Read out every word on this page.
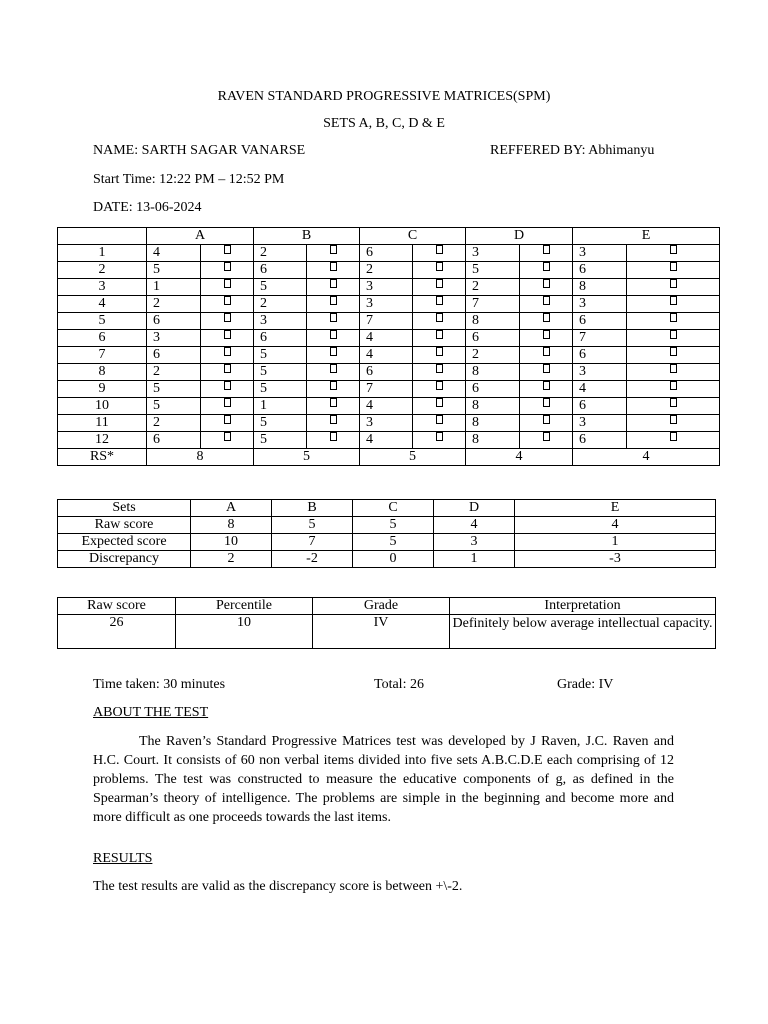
RAVEN STANDARD PROGRESSIVE MATRICES(SPM)
SETS A, B, C, D & E
NAME: SARTH SAGAR VANARSE	REFFERED BY: Abhimanyu
Start Time: 12:22 PM – 12:52 PM
DATE: 13-06-2024
	A		B		C		D		E	
1	4		2		6		3		3	
2	5		6		2		5		6	
3	1		5		3		2		8	
4	2		2		3		7		3	
5	6		3		7		8		6	
6	3		6		4		6		7	
7	6		5		4		2		6	
8	2		5		6		8		3	
9	5		5		7		6		4	
10	5		1		4		8		6	
11	2		5		3		8		3	
12	6		5		4		8		6	
RS*	8		5		5		4		4	
Sets	A	B	C	D	E
Raw score	8	5	5	4	4
Expected score	10	7	5	3	1
Discrepancy	2	-2	0	1	-3
Raw score	Percentile	Grade	Interpretation
26	10	IV	Definitely below average intellectual capacity.
Time taken: 30 minutes	Total: 26	Grade: IV
ABOUT THE TEST
The Raven’s Standard Progressive Matrices test was developed by J Raven, J.C. Raven and H.C. Court. It consists of 60 non verbal items divided into five sets A.B.C.D.E each comprising of 12 problems. The test was constructed to measure the educative components of g, as defined in the Spearman’s theory of intelligence. The problems are simple in the beginning and become more and more difficult as one proceeds towards the last items.
RESULTS
The test results are valid as the discrepancy score is between +\-2.
